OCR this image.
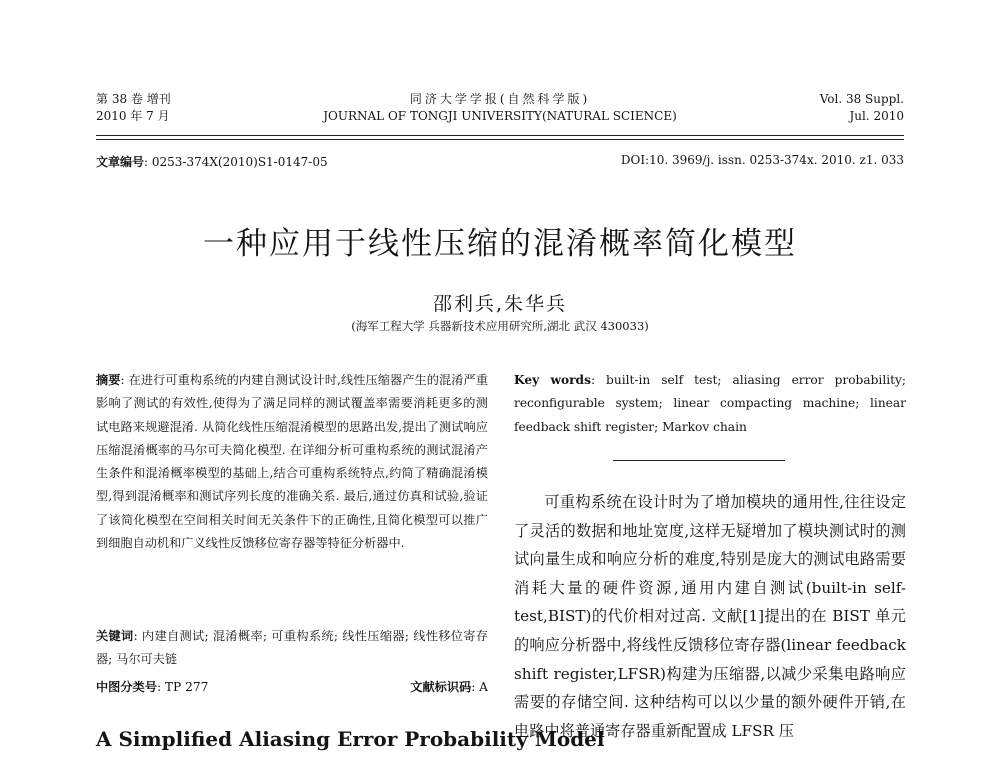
第 38 卷 增刊
2010 年 7 月
同济大学学报(自然科学版)
JOURNAL OF TONGJI UNIVERSITY(NATURAL SCIENCE)
Vol. 38 Suppl.
Jul. 2010
文章编号: 0253-374X(2010)S1-0147-05	DOI:10. 3969/j. issn. 0253-374x. 2010. z1. 033
一种应用于线性压缩的混淆概率简化模型
邵利兵,朱华兵
(海军工程大学 兵器新技术应用研究所,湖北 武汉 430033)
摘要: 在进行可重构系统的内建自测试设计时,线性压缩器产生的混淆严重影响了测试的有效性,使得为了满足同样的测试覆盖率需要消耗更多的测试电路来规避混淆. 从简化线性压缩混淆模型的思路出发,提出了测试响应压缩混淆概率的马尔可夫简化模型. 在详细分析可重构系统的测试混淆产生条件和混淆概率模型的基础上,结合可重构系统特点,约简了精确混淆模型,得到混淆概率和测试序列长度的准确关系. 最后,通过仿真和试验,验证了该简化模型在空间相关时间无关条件下的正确性,且简化模型可以推广到细胞自动机和广义线性反馈移位寄存器等特征分析器中.
关键词: 内建自测试; 混淆概率; 可重构系统; 线性压缩器; 线性移位寄存器; 马尔可夫链
中图分类号: TP 277	文献标识码: A
A Simplified Aliasing Error Probability Model
Key words: built-in self test; aliasing error probability; reconfigurable system; linear compacting machine; linear feedback shift register; Markov chain
可重构系统在设计时为了增加模块的通用性,往往设定了灵活的数据和地址宽度,这样无疑增加了模块测试时的测试向量生成和响应分析的难度,特别是庞大的测试电路需要消耗大量的硬件资源,通用内建自测试(built-in self-test,BIST)的代价相对过高. 文献[1]提出的在 BIST 单元的响应分析器中,将线性反馈移位寄存器(linear feedback shift register,LFSR)构建为压缩器,以减少采集电路响应需要的存储空间. 这种结构可以以少量的额外硬件开销,在电路中将普通寄存器重新配置成 LFSR 压
